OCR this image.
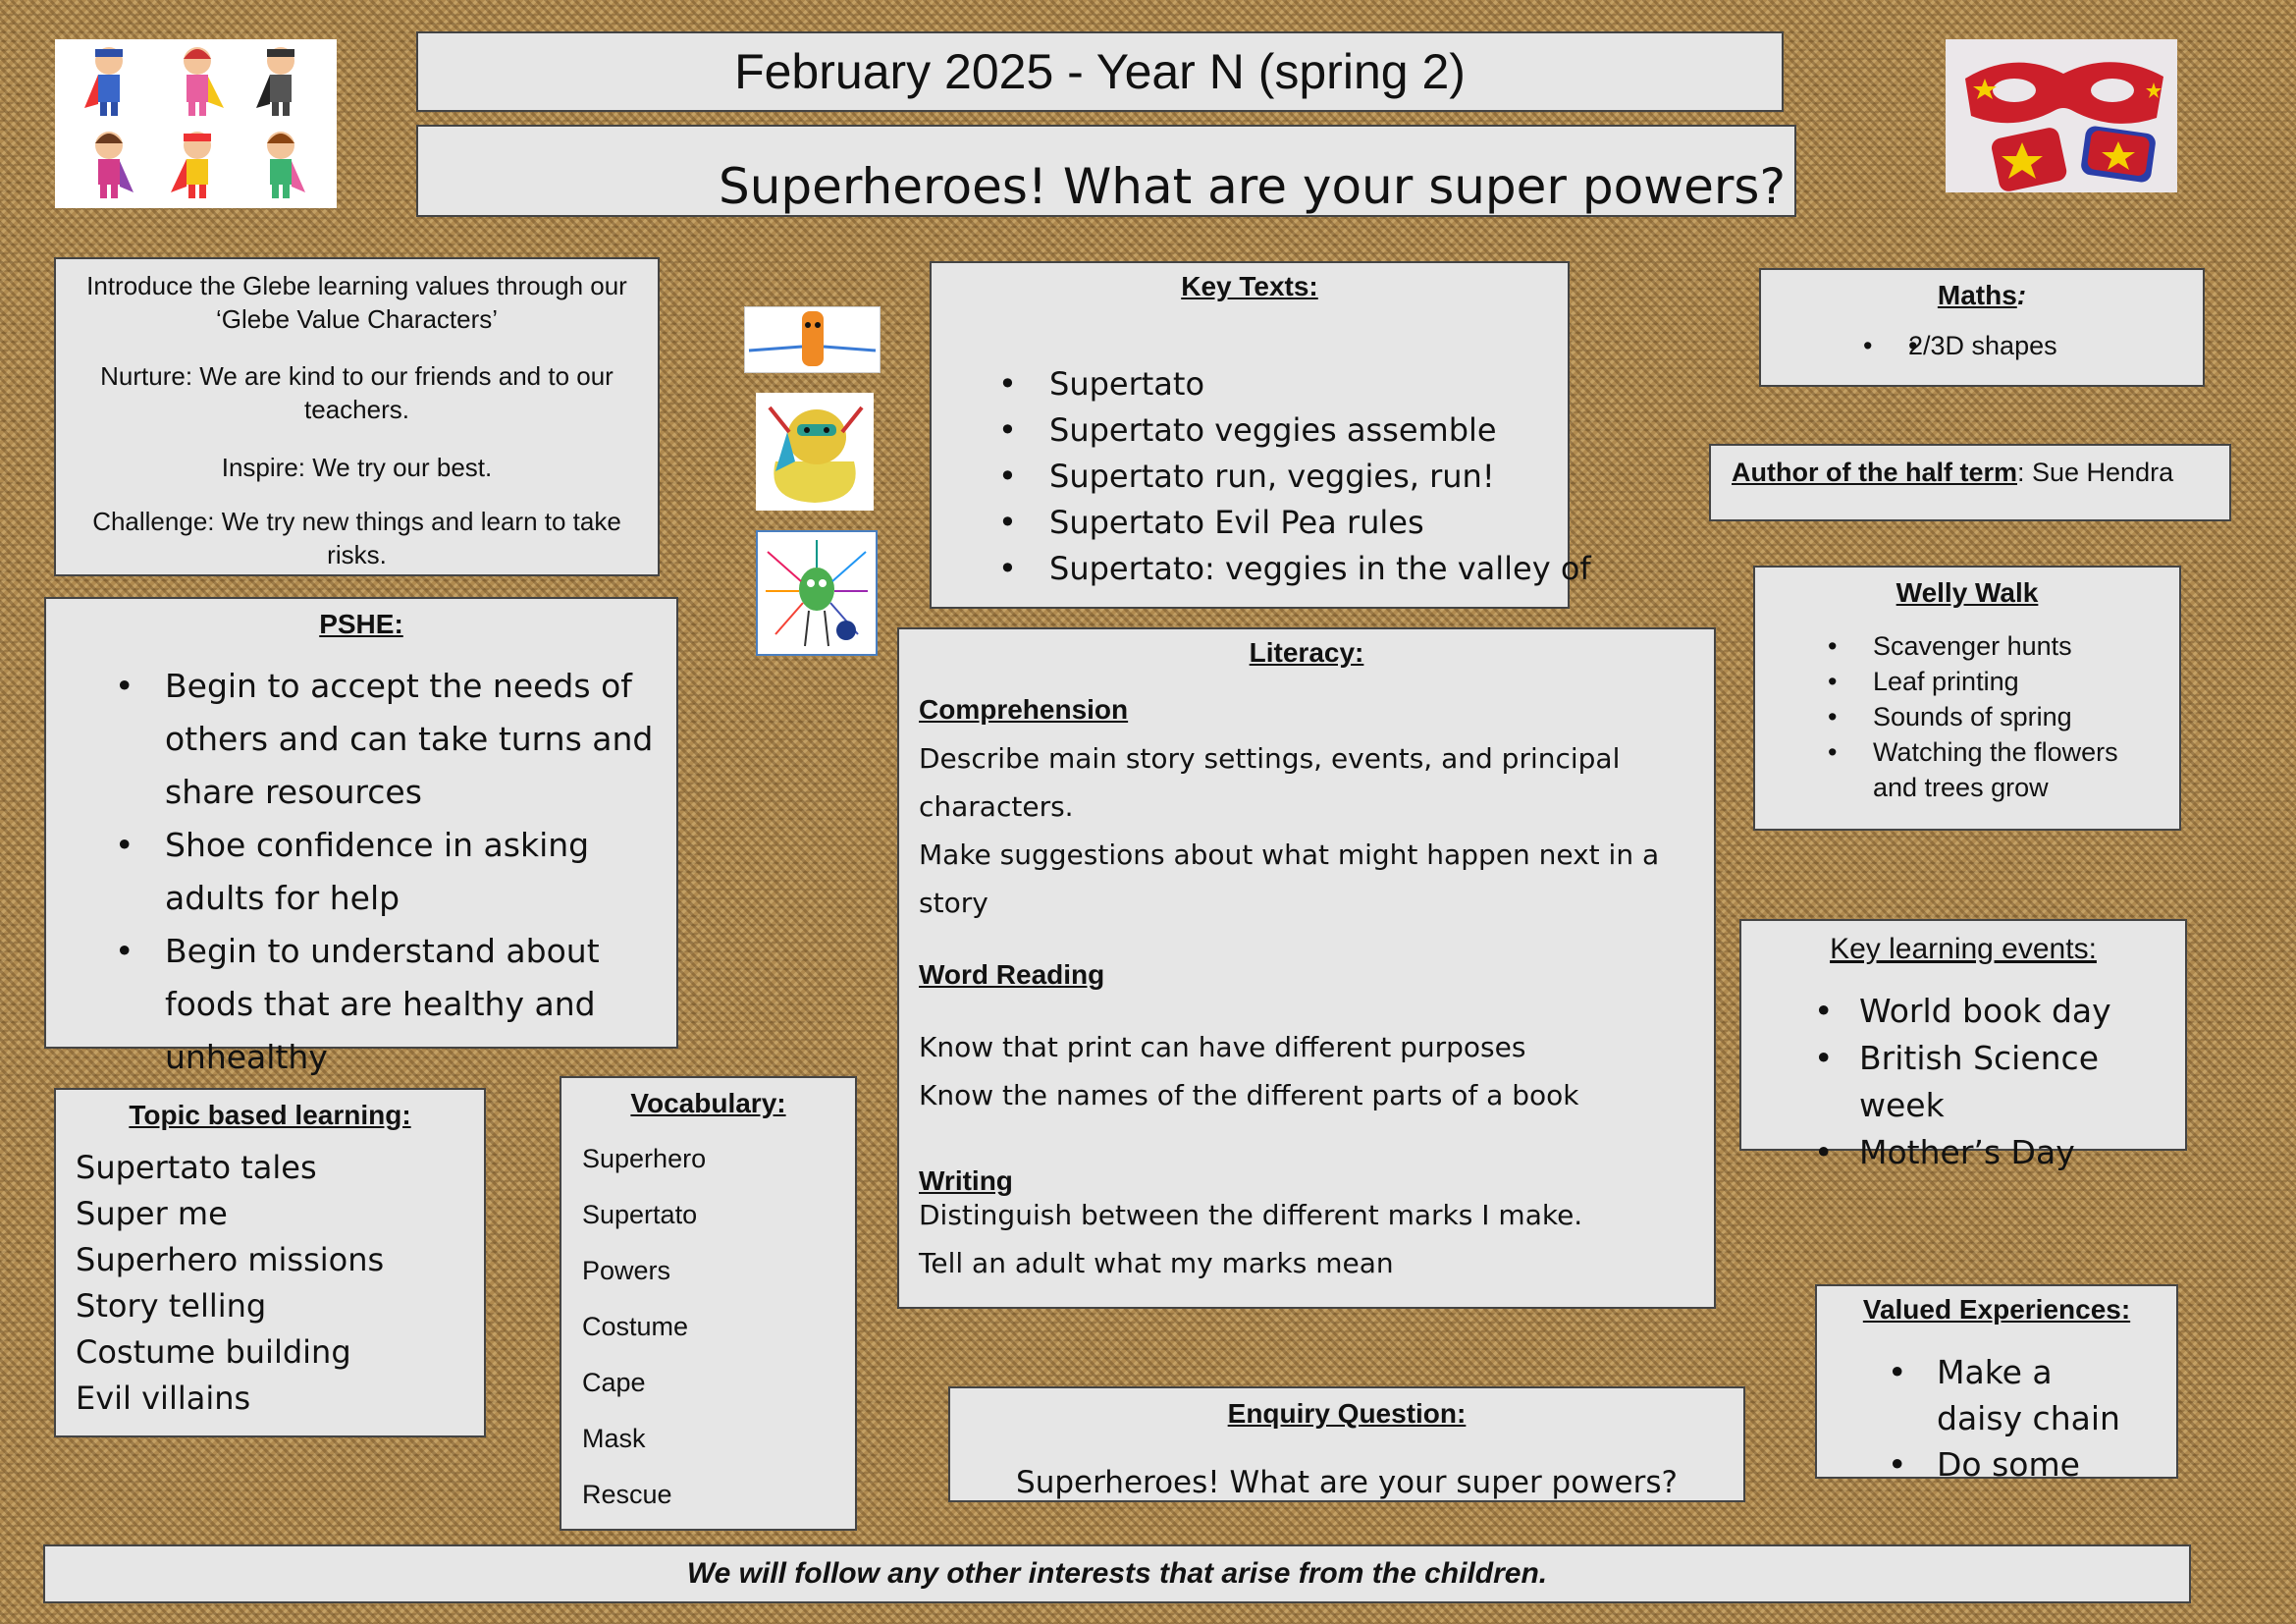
February 2025 - Year N (spring 2)
Superheroes! What are your super powers?

Introduce the Glebe learning values through our ‘Glebe Value Characters’

Nurture: We are kind to our friends and to our teachers.

Inspire: We try our best.

Challenge: We try new things and learn to take risks.

Key Texts:
• Supertato
• Supertato veggies assemble
• Supertato run, veggies, run!
• Supertato Evil Pea rules
• Supertato: veggies in the valley of
Maths:
• • 2/3D shapes
Author of the half term: Sue Hendra
Welly Walk
• Scavenger hunts
• Leaf printing
• Sounds of spring
• Watching the flowers and trees grow
PSHE:
• Begin to accept the needs of others and can take turns and share resources
• Shoe confidence in asking adults for help
• Begin to understand about foods that are healthy and unhealthy
Literacy:
Comprehension
Describe main story settings, events, and principal characters.
Make suggestions about what might happen next in a story
Word Reading
Know that print can have different purposes
Know the names of the different parts of a book
Writing
Distinguish between the different marks I make.
Tell an adult what my marks mean
Key learning events:
• World book day
• British Science week
• Mother’s Day
Topic based learning:
Supertato tales
Super me
Superhero missions
Story telling
Costume building
Evil villains
Vocabulary:
Superhero
Supertato
Powers
Costume
Cape
Mask
Rescue
Enquiry Question:
Superheroes! What are your super powers?
Valued Experiences:
• Make a daisy chain
• Do some
We will follow any other interests that arise from the children.
